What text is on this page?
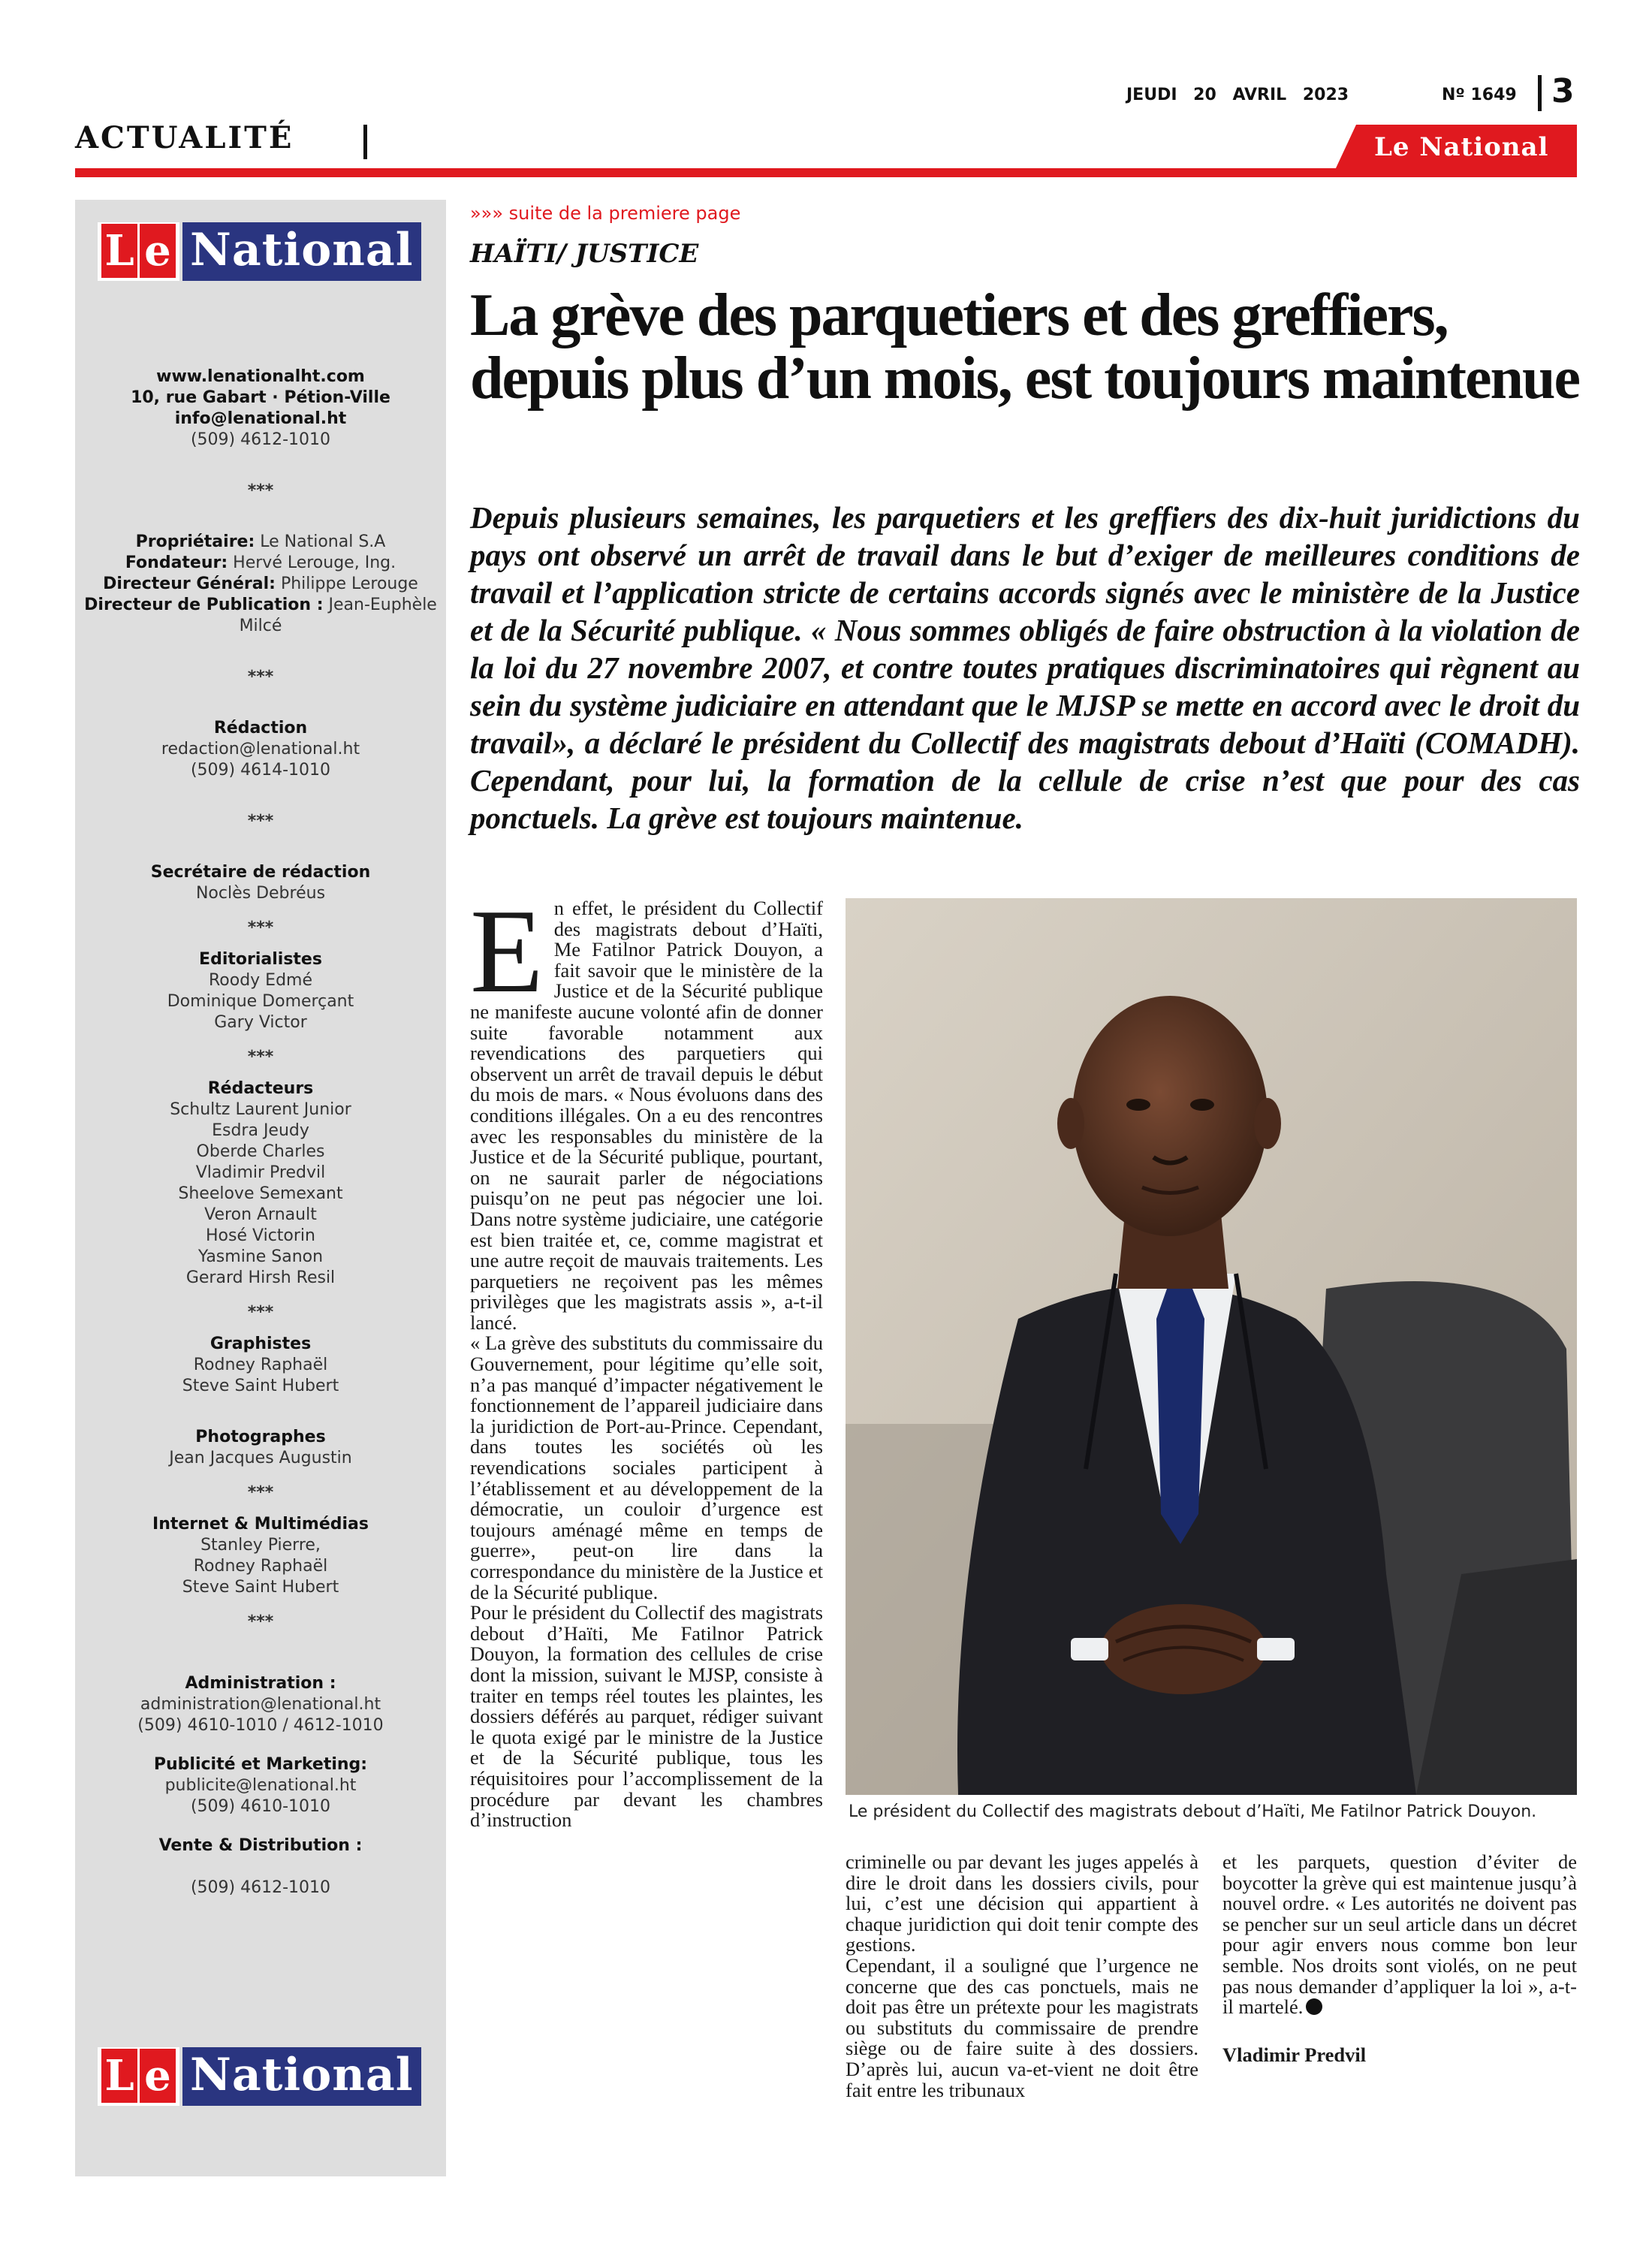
ACTUALITÉ
JEUDI 20 AVRIL 2023	Nº 1649 3
Le National
L e National
www.lenationalht.com
10, rue Gabart · Pétion-Ville
info@lenational.ht
(509) 4612-1010
***
Propriétaire: Le National S.A
Fondateur: Hervé Lerouge, Ing.
Directeur Général: Philippe Lerouge
Directeur de Publication : Jean-Euphèle Milcé
***
Rédaction
redaction@lenational.ht
(509) 4614-1010
***
Secrétaire de rédaction
Noclès Debréus
***
Editorialistes
Roody Edmé
Dominique Domerçant
Gary Victor
***
Rédacteurs
Schultz Laurent Junior
Esdra Jeudy
Oberde Charles
Vladimir Predvil
Sheelove Semexant
Veron Arnault
Hosé Victorin
Yasmine Sanon
Gerard Hirsh Resil
***
Graphistes
Rodney Raphaël
Steve Saint Hubert
Photographes
Jean Jacques Augustin
***
Internet & Multimédias
Stanley Pierre,
Rodney Raphaël
Steve Saint Hubert
***
Administration :
administration@lenational.ht
(509) 4610-1010 / 4612-1010
Publicité et Marketing:
publicite@lenational.ht
(509) 4610-1010
Vente & Distribution :
(509) 4612-1010
L e National
»»» suite de la premiere page
HAÏTI/ JUSTICE
La grève des parquetiers et des greffiers, depuis plus d’un mois, est toujours maintenue

Depuis plusieurs semaines, les parquetiers et les greffiers des dix-huit juridictions du pays ont observé un arrêt de travail dans le but d’exiger de meilleures conditions de travail et l’application stricte de certains accords signés avec le ministère de la Justice et de la Sécurité publique. « Nous sommes obligés de faire obstruction à la violation de la loi du 27 novembre 2007, et contre toutes pratiques discriminatoires qui règnent au sein du système judiciaire en attendant que le MJSP se mette en accord avec le droit du travail», a déclaré le président du Collectif des magistrats debout d’Haïti (COMADH). Cependant, pour lui, la formation de la cellule de crise n’est que pour des cas ponctuels. La grève est toujours maintenue.

En effet, le président du Collectif des magistrats debout d’Haïti, Me Fatilnor Patrick Douyon, a fait savoir que le ministère de la Justice et de la Sécurité publique ne manifeste aucune volonté afin de donner suite favorable notamment aux revendications des parquetiers qui observent un arrêt de travail depuis le début du mois de mars. « Nous évoluons dans des conditions illégales. On a eu des rencontres avec les responsables du ministère de la Justice et de la Sécurité publique, pourtant, on ne saurait parler de négociations puisqu’on ne peut pas négocier une loi. Dans notre système judiciaire, une catégorie est bien traitée et, ce, comme magistrat et une autre reçoit de mauvais traitements. Les parquetiers ne reçoivent pas les mêmes privilèges que les magistrats assis », a-t-il lancé.

« La grève des substituts du commissaire du Gouvernement, pour légitime qu’elle soit, n’a pas manqué d’impacter négativement le fonctionnement de l’appareil judiciaire dans la juridiction de Port-au-Prince. Cependant, dans toutes les sociétés où les revendications sociales participent à l’établissement et au développement de la démocratie, un couloir d’urgence est toujours aménagé même en temps de guerre», peut-on lire dans la correspondance du ministère de la Justice et de la Sécurité publique.

Pour le président du Collectif des magistrats debout d’Haïti, Me Fatilnor Patrick Douyon, la formation des cellules de crise dont la mission, suivant le MJSP, consiste à traiter en temps réel toutes les plaintes, les dossiers déférés au parquet, rédiger suivant le quota exigé par le ministre de la Justice et de la Sécurité publique, tous les réquisitoires pour l’accomplissement de la procédure par devant les chambres d’instruction	Le président du Collectif des magistrats debout d’Haïti, Me Fatilnor Patrick Douyon.

criminelle ou par devant les juges appelés à dire le droit dans les dossiers civils, pour lui, c’est une décision qui appartient à chaque juridiction qui doit tenir compte des gestions.

Cependant, il a souligné que l’urgence ne concerne que des cas ponctuels, mais ne doit pas être un prétexte pour les magistrats ou substituts du commissaire de prendre siège ou de faire suite à des dossiers. D’après lui, aucun va-et-vient ne doit être fait entre les tribunaux

et les parquets, question d’éviter de boycotter la grève qui est maintenue jusqu’à nouvel ordre. « Les autorités ne doivent pas se pencher sur un seul article dans un décret pour agir envers nous comme bon leur semble. Nos droits sont violés, on ne peut pas nous demander d’appliquer la loi », a-t-il martelé.

Vladimir Predvil
